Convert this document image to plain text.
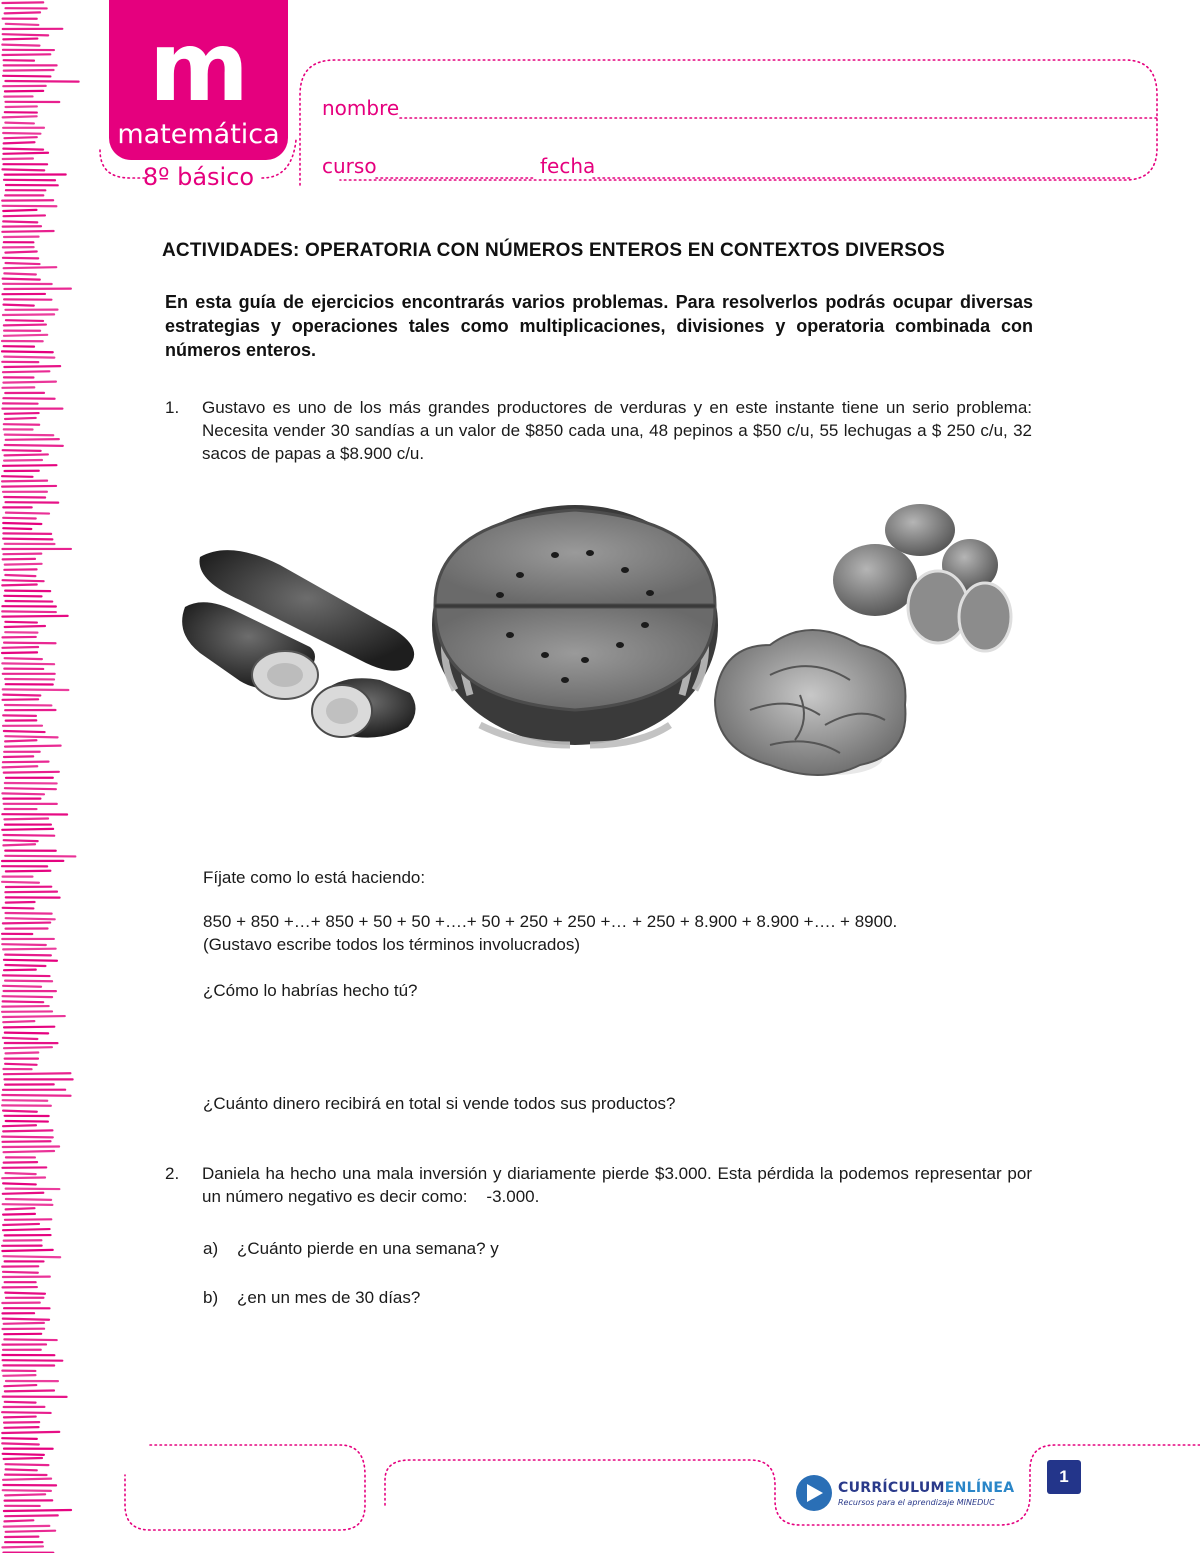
m
matemática
8º básico
nombre
curso	fecha
ACTIVIDADES: OPERATORIA CON NÚMEROS ENTEROS EN CONTEXTOS DIVERSOS
En esta guía de ejercicios encontrarás varios problemas. Para resolverlos podrás ocupar diversas estrategias y operaciones tales como multiplicaciones, divisiones y operatoria combinada con números enteros.
1. Gustavo es uno de los más grandes productores de verduras y en este instante tiene un serio problema: Necesita vender 30 sandías a un valor de $850 cada una, 48 pepinos a $50 c/u, 55 lechugas a $ 250 c/u, 32 sacos de papas a $8.900 c/u.
Fíjate como lo está haciendo:
850 + 850 +…+ 850 + 50 + 50 +….+ 50 + 250 + 250 +… + 250 + 8.900 + 8.900 +…. + 8900.
(Gustavo escribe todos los términos involucrados)
¿Cómo lo habrías hecho tú?
¿Cuánto dinero recibirá en total si vende todos sus productos?
2. Daniela ha hecho una mala inversión y diariamente pierde $3.000. Esta pérdida la podemos representar por un número negativo es decir como:    -3.000.
a) ¿Cuánto pierde en una semana? y
b) ¿en un mes de 30 días?
CURRÍCULUMENLÍNEA
Recursos para el aprendizaje MINEDUC
1
